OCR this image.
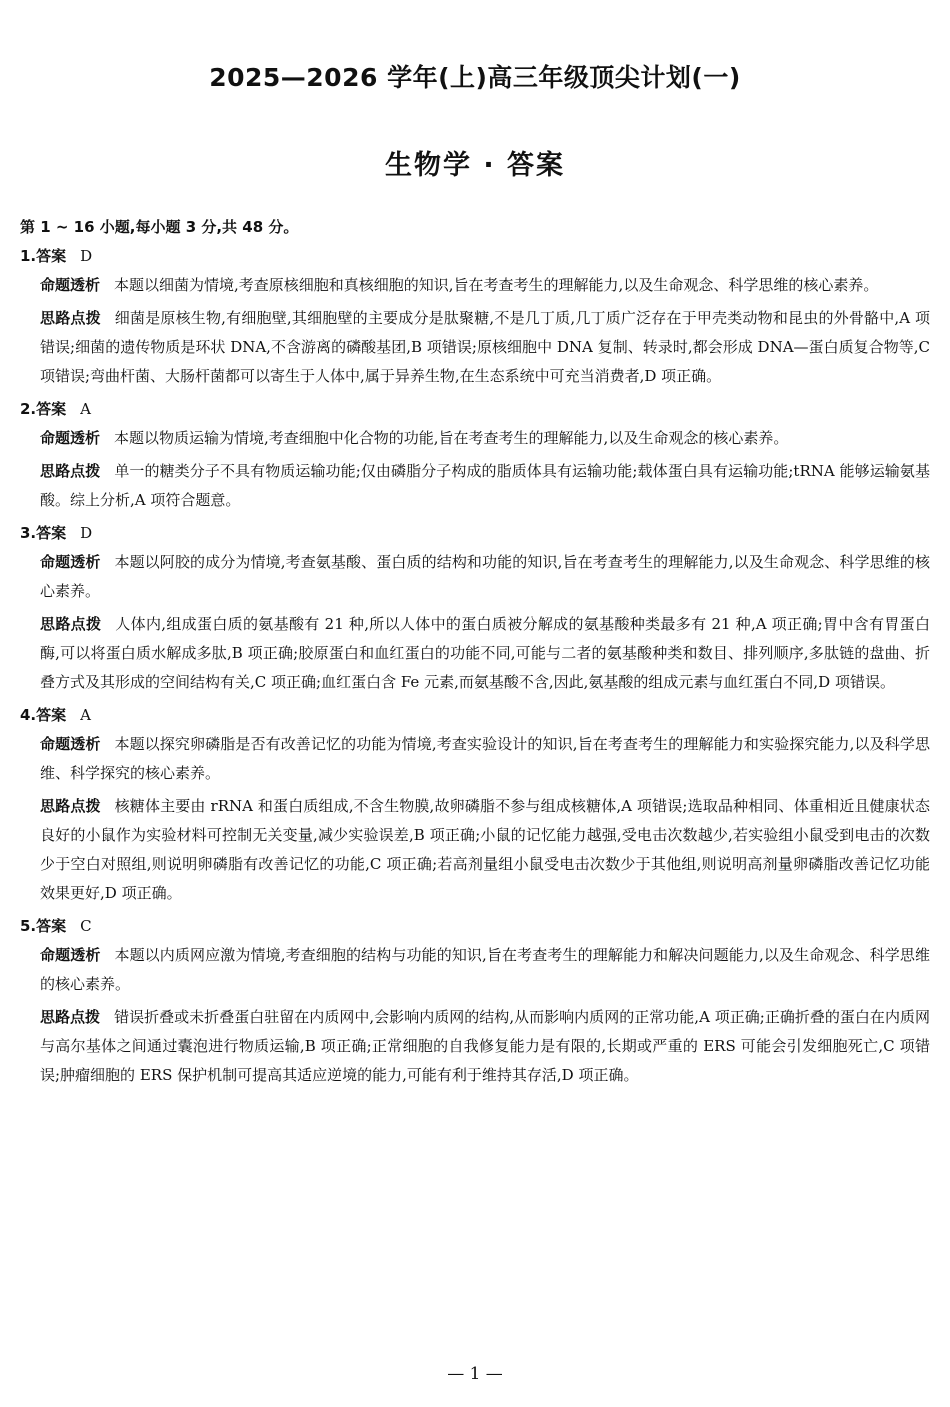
2025—2026 学年(上)高三年级顶尖计划(一)
生物学 · 答案
第 1 ~ 16 小题,每小题 3 分,共 48 分。
1.答案 D

命题透析 本题以细菌为情境,考查原核细胞和真核细胞的知识,旨在考查考生的理解能力,以及生命观念、科学思维的核心素养。

思路点拨 细菌是原核生物,有细胞壁,其细胞壁的主要成分是肽聚糖,不是几丁质,几丁质广泛存在于甲壳类动物和昆虫的外骨骼中,A 项错误;细菌的遗传物质是环状 DNA,不含游离的磷酸基团,B 项错误;原核细胞中 DNA 复制、转录时,都会形成 DNA—蛋白质复合物等,C 项错误;弯曲杆菌、大肠杆菌都可以寄生于人体中,属于异养生物,在生态系统中可充当消费者,D 项正确。

2.答案 A

命题透析 本题以物质运输为情境,考查细胞中化合物的功能,旨在考查考生的理解能力,以及生命观念的核心素养。

思路点拨 单一的糖类分子不具有物质运输功能;仅由磷脂分子构成的脂质体具有运输功能;载体蛋白具有运输功能;tRNA 能够运输氨基酸。综上分析,A 项符合题意。

3.答案 D

命题透析 本题以阿胶的成分为情境,考查氨基酸、蛋白质的结构和功能的知识,旨在考查考生的理解能力,以及生命观念、科学思维的核心素养。

思路点拨 人体内,组成蛋白质的氨基酸有 21 种,所以人体中的蛋白质被分解成的氨基酸种类最多有 21 种,A 项正确;胃中含有胃蛋白酶,可以将蛋白质水解成多肽,B 项正确;胶原蛋白和血红蛋白的功能不同,可能与二者的氨基酸种类和数目、排列顺序,多肽链的盘曲、折叠方式及其形成的空间结构有关,C 项正确;血红蛋白含 Fe 元素,而氨基酸不含,因此,氨基酸的组成元素与血红蛋白不同,D 项错误。

4.答案 A

命题透析 本题以探究卵磷脂是否有改善记忆的功能为情境,考查实验设计的知识,旨在考查考生的理解能力和实验探究能力,以及科学思维、科学探究的核心素养。

思路点拨 核糖体主要由 rRNA 和蛋白质组成,不含生物膜,故卵磷脂不参与组成核糖体,A 项错误;选取品种相同、体重相近且健康状态良好的小鼠作为实验材料可控制无关变量,减少实验误差,B 项正确;小鼠的记忆能力越强,受电击次数越少,若实验组小鼠受到电击的次数少于空白对照组,则说明卵磷脂有改善记忆的功能,C 项正确;若高剂量组小鼠受电击次数少于其他组,则说明高剂量卵磷脂改善记忆功能效果更好,D 项正确。

5.答案 C

命题透析 本题以内质网应激为情境,考查细胞的结构与功能的知识,旨在考查考生的理解能力和解决问题能力,以及生命观念、科学思维的核心素养。

思路点拨 错误折叠或未折叠蛋白驻留在内质网中,会影响内质网的结构,从而影响内质网的正常功能,A 项正确;正确折叠的蛋白在内质网与高尔基体之间通过囊泡进行物质运输,B 项正确;正常细胞的自我修复能力是有限的,长期或严重的 ERS 可能会引发细胞死亡,C 项错误;肿瘤细胞的 ERS 保护机制可提高其适应逆境的能力,可能有利于维持其存活,D 项正确。

— 1 —
